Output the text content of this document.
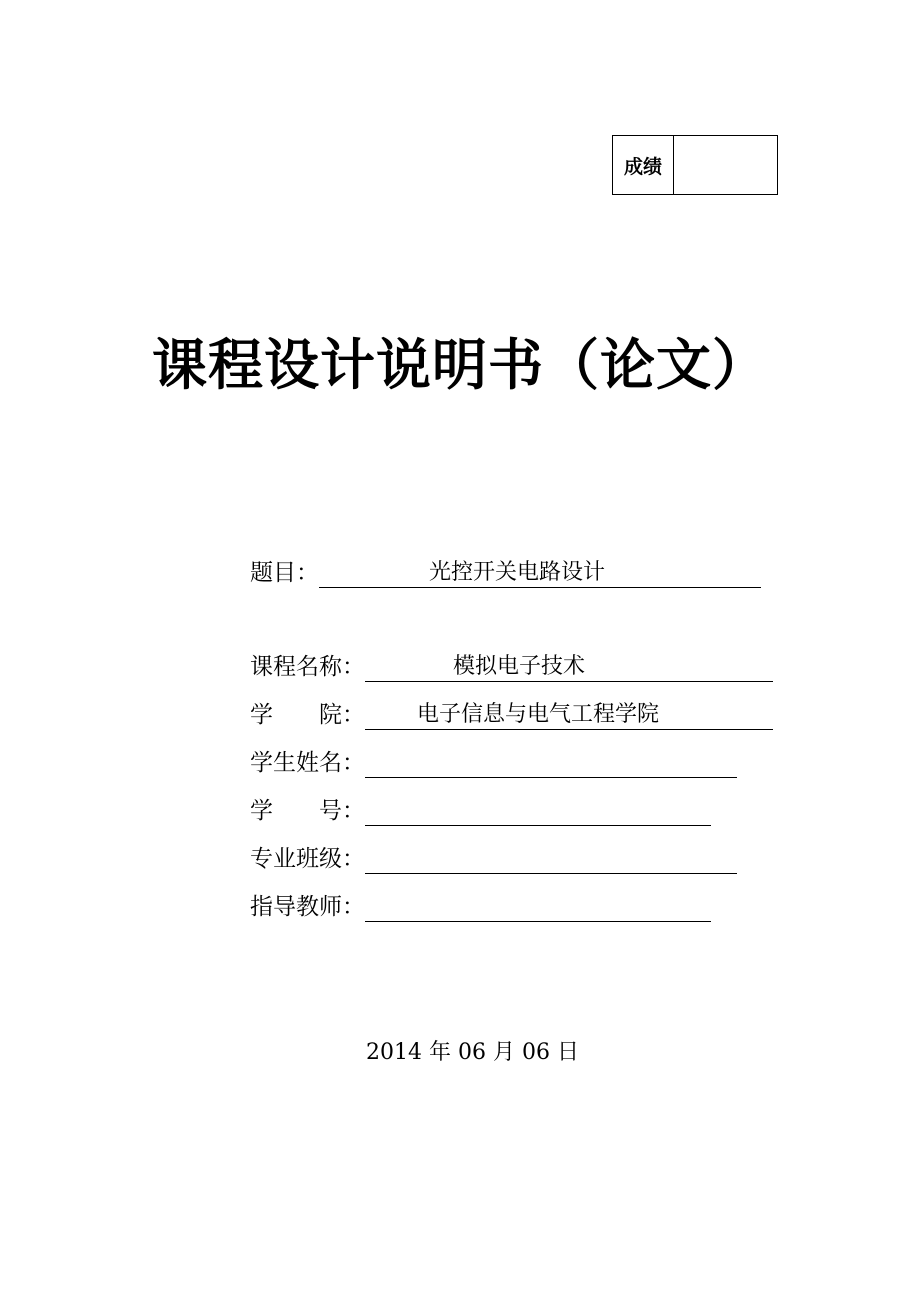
成绩
课程设计说明书（论文）
题目：	光控开关电路设计
课程名称：	模拟电子技术
学　　院：	电子信息与电气工程学院
学生姓名：
学　　号：
专业班级：
指导教师：
2014 年 06 月 06 日
